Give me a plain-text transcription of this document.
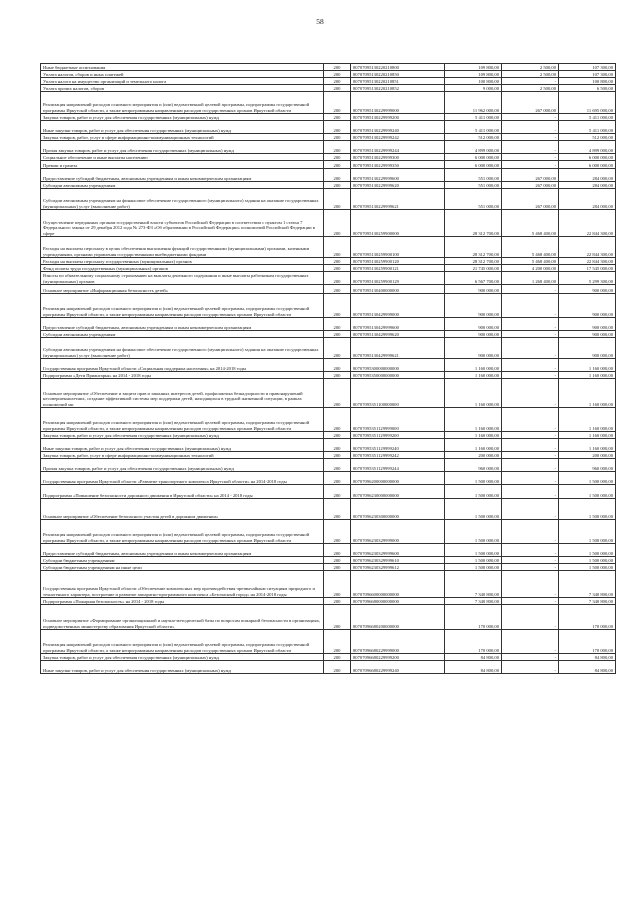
58
Иные бюджетные ассигнования	200	80707095130220210800	109 800,00	2 500,00	107 300,00
Уплата налогов, сборов и иных платежей	200	80707095130220210850	109 800,00	2 500,00	107 300,00
Уплата налога на имущество организаций и земельного налога	200	80707095130220210851	100 800,00	-	100 800,00
Уплата прочих налогов, сборов	200	80707095130220210852	9 000,00	2 500,00	6 500,00
Реализация направлений расходов основного мероприятия и (или) ведомственной целевой программы, подпрограммы государственной программы Иркутской области, а также непрограммным направлениям расходов государственных органов Иркутской области	200	80707095130229999000	11 962 000,00	267 000,00	11 695 000,00
Закупка товаров, работ и услуг для обеспечения государственных (муниципальных) нужд	200	80707095130229999200	5 411 000,00	-	5 411 000,00
Иные закупки товаров, работ и услуг для обеспечения государственных (муниципальных) нужд	200	80707095130229999240	5 411 000,00	-	5 411 000,00
Закупка товаров, работ, услуг в сфере информационно-коммуникационных технологий	200	80707095130229999242	512 000,00	-	512 000,00
Прочая закупка товаров, работ и услуг для обеспечения государственных (муниципальных) нужд	200	80707095130229999244	4 899 000,00	-	4 899 000,00
Социальное обеспечение и иные выплаты населению	200	80707095130229999300	6 000 000,00	-	6 000 000,00
Премии и гранты	200	80707095130229999350	6 000 000,00	-	6 000 000,00
Предоставление субсидий бюджетным, автономным учреждениям и иным некоммерческим организациям	200	80707095130229999600	551 000,00	267 000,00	284 000,00
Субсидии автономным учреждениям	200	80707095130229999620	551 000,00	267 000,00	284 000,00
Субсидии автономным учреждениям на финансовое обеспечение государственного (муниципального) задания на оказание государственных (муниципальных) услуг (выполнение работ)	200	80707095130229999621	551 000,00	267 000,00	284 000,00
Осуществление переданных органам государственной власти субъектов Российской Федерации в соответствии с пунктом 1 статьи 7 Федерального закона от 29 декабря 2012 года № 273-ФЗ «Об образовании в Российской Федерации» полномочий Российской Федерации в сфере	200	80707095130259900000	28 312 700,00	5 468 400,00	22 844 300,00
Расходы на выплаты персоналу в целях обеспечения выполнения функций государственными (муниципальными) органами, казенными учреждениями, органами управления государственными внебюджетными фондами	200	80707095130259900100	28 312 700,00	5 468 400,00	22 844 300,00
Расходы на выплаты персоналу государственных (муниципальных) органов	200	80707095130259900120	28 312 700,00	5 468 400,00	22 844 300,00
Фонд оплаты труда государственных (муниципальных) органов	200	80707095130259900121	21 745 000,00	4 200 000,00	17 545 000,00
Взносы по обязательному социальному страхованию на выплаты денежного содержания и иные выплаты работникам государственных (муниципальных) органов	200	80707095130259900129	6 567 700,00	1 268 400,00	5 299 300,00
Основное мероприятие «Информационная безопасность детей»	200	80707095130400000000	900 000,00	-	900 000,00
Реализация направлений расходов основного мероприятия и (или) ведомственной целевой программы, подпрограммы государственной программы Иркутской области, а также непрограммным направлениям расходов государственных органов Иркутской области	200	80707095130429999000	900 000,00	-	900 000,00
Предоставление субсидий бюджетным, автономным учреждениям и иным некоммерческим организациям	200	80707095130429999600	900 000,00	-	900 000,00
Субсидии автономным учреждениям	200	80707095130429999620	900 000,00	-	900 000,00
Субсидии автономным учреждениям на финансовое обеспечение государственного (муниципального) задания на оказание государственных (муниципальных) услуг (выполнение работ)	200	80707095130429999621	900 000,00	-	900 000,00
Государственная программа Иркутской области «Социальная поддержка населения» на 2014-2018 годы	200	80707095300000000000	1 160 000,00	-	1 160 000,00
Подпрограмма «Дети Приангарья» на 2014 - 2018 годы	200	80707095350000000000	1 160 000,00	-	1 160 000,00
Основное мероприятие «Обеспечение и защита прав и законных интересов детей, профилактика безнадзорности и правонарушений несовершеннолетних, создание эффективной системы мер поддержки детей, находящихся в трудной жизненной ситуации, в рамках полномочий ми	200	80707095351100000000	1 160 000,00	-	1 160 000,00
Реализация направлений расходов основного мероприятия и (или) ведомственной целевой программы, подпрограммы государственной программы Иркутской области, а также непрограммным направлениям расходов государственных органов Иркутской области	200	80707095351129999000	1 160 000,00	-	1 160 000,00
Закупка товаров, работ и услуг для обеспечения государственных (муниципальных) нужд	200	80707095351129999200	1 160 000,00	-	1 160 000,00
Иные закупки товаров, работ и услуг для обеспечения государственных (муниципальных) нужд	200	80707095351129999240	1 160 000,00	-	1 160 000,00
Закупка товаров, работ, услуг в сфере информационно-коммуникационных технологий	200	80707095351129999242	200 000,00	-	200 000,00
Прочая закупка товаров, работ и услуг для обеспечения государственных (муниципальных) нужд	200	80707095351129999244	960 000,00	-	960 000,00
Государственная программа Иркутской области «Развитие транспортного комплекса Иркутской области» на 2014-2018 годы	200	80707096200000000000	1 500 000,00	-	1 500 000,00
Подпрограмма «Повышение безопасности дорожного движения в Иркутской области» на 2014 - 2018 годы	200	80707096230000000000	1 500 000,00	-	1 500 000,00
Основное мероприятие «Обеспечение безопасного участия детей в дорожном движении»	200	80707096230300000000	1 500 000,00	-	1 500 000,00
Реализация направлений расходов основного мероприятия и (или) ведомственной целевой программы, подпрограммы государственной программы Иркутской области, а также непрограммным направлениям расходов государственных органов Иркутской области	200	80707096230329999000	1 500 000,00	-	1 500 000,00
Предоставление субсидий бюджетным, автономным учреждениям и иным некоммерческим организациям	200	80707096230329999600	1 500 000,00	-	1 500 000,00
Субсидии бюджетным учреждениям	200	80707096230329999610	1 500 000,00	-	1 500 000,00
Субсидии бюджетным учреждениям на иные цели	200	80707096230329999612	1 500 000,00	-	1 500 000,00
Государственная программа Иркутской области «Обеспечение комплексных мер противодействия чрезвычайным ситуациям природного и техногенного характера, построение и развитие аппаратно-программного комплекса «Безопасный город» на 2014-2018 годы	200	80707096600000000000	7 340 800,00	-	7 340 800,00
Подпрограмма «Пожарная безопасность» на 2014 - 2018 годы	200	80707096680000000000	7 340 800,00	-	7 340 800,00
Основное мероприятие «Формирование организационной и научно-методической базы по вопросам пожарной безопасности в организациях, подведомственных министерству образования Иркутской области»	200	80707096680200000000	170 000,00	-	170 000,00
Реализация направлений расходов основного мероприятия и (или) ведомственной целевой программы, подпрограммы государственной программы Иркутской области, а также непрограммным направлениям расходов государственных органов Иркутской области	200	80707096680229999000	170 000,00	-	170 000,00
Закупка товаров, работ и услуг для обеспечения государственных (муниципальных) нужд	200	80707096680229999200	84 800,00	-	84 800,00
Иные закупки товаров, работ и услуг для обеспечения государственных (муниципальных) нужд	200	80707096680229999240	84 800,00	-	84 800,00
